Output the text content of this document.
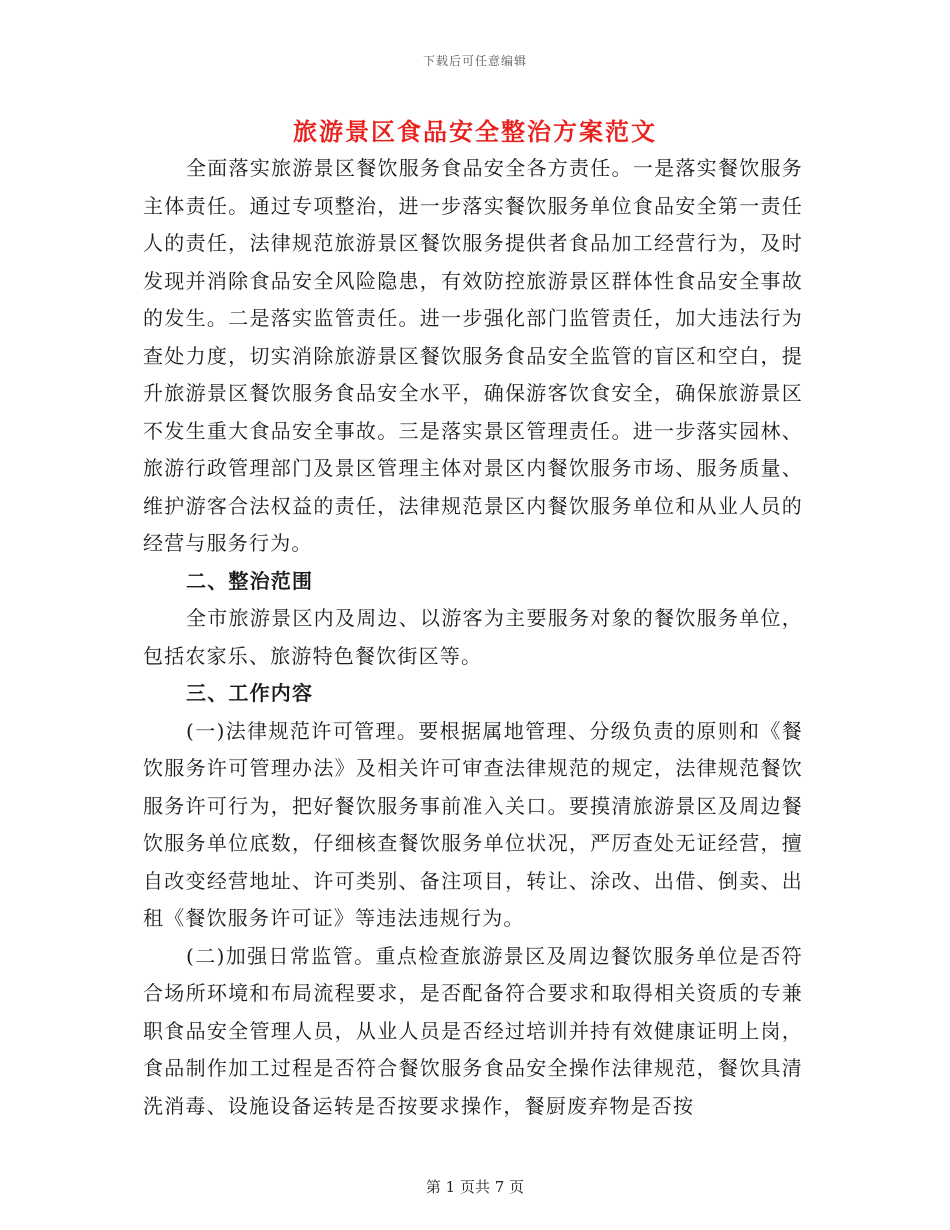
下载后可任意编辑
旅游景区食品安全整治方案范文

全面落实旅游景区餐饮服务食品安全各方责任。一是落实餐饮服务主体责任。通过专项整治，进一步落实餐饮服务单位食品安全第一责任人的责任，法律规范旅游景区餐饮服务提供者食品加工经营行为，及时发现并消除食品安全风险隐患，有效防控旅游景区群体性食品安全事故的发生。二是落实监管责任。进一步强化部门监管责任，加大违法行为查处力度，切实消除旅游景区餐饮服务食品安全监管的盲区和空白，提升旅游景区餐饮服务食品安全水平，确保游客饮食安全，确保旅游景区不发生重大食品安全事故。三是落实景区管理责任。进一步落实园林、旅游行政管理部门及景区管理主体对景区内餐饮服务市场、服务质量、维护游客合法权益的责任，法律规范景区内餐饮服务单位和从业人员的经营与服务行为。

二、整治范围

全市旅游景区内及周边、以游客为主要服务对象的餐饮服务单位，包括农家乐、旅游特色餐饮街区等。

三、工作内容

(一)法律规范许可管理。要根据属地管理、分级负责的原则和《餐饮服务许可管理办法》及相关许可审查法律规范的规定，法律规范餐饮服务许可行为，把好餐饮服务事前准入关口。要摸清旅游景区及周边餐饮服务单位底数，仔细核查餐饮服务单位状况，严厉查处无证经营，擅自改变经营地址、许可类别、备注项目，转让、涂改、出借、倒卖、出租《餐饮服务许可证》等违法违规行为。

(二)加强日常监管。重点检查旅游景区及周边餐饮服务单位是否符合场所环境和布局流程要求，是否配备符合要求和取得相关资质的专兼职食品安全管理人员，从业人员是否经过培训并持有效健康证明上岗，食品制作加工过程是否符合餐饮服务食品安全操作法律规范，餐饮具清洗消毒、设施设备运转是否按要求操作，餐厨废弃物是否按

第 1 页共 7 页
